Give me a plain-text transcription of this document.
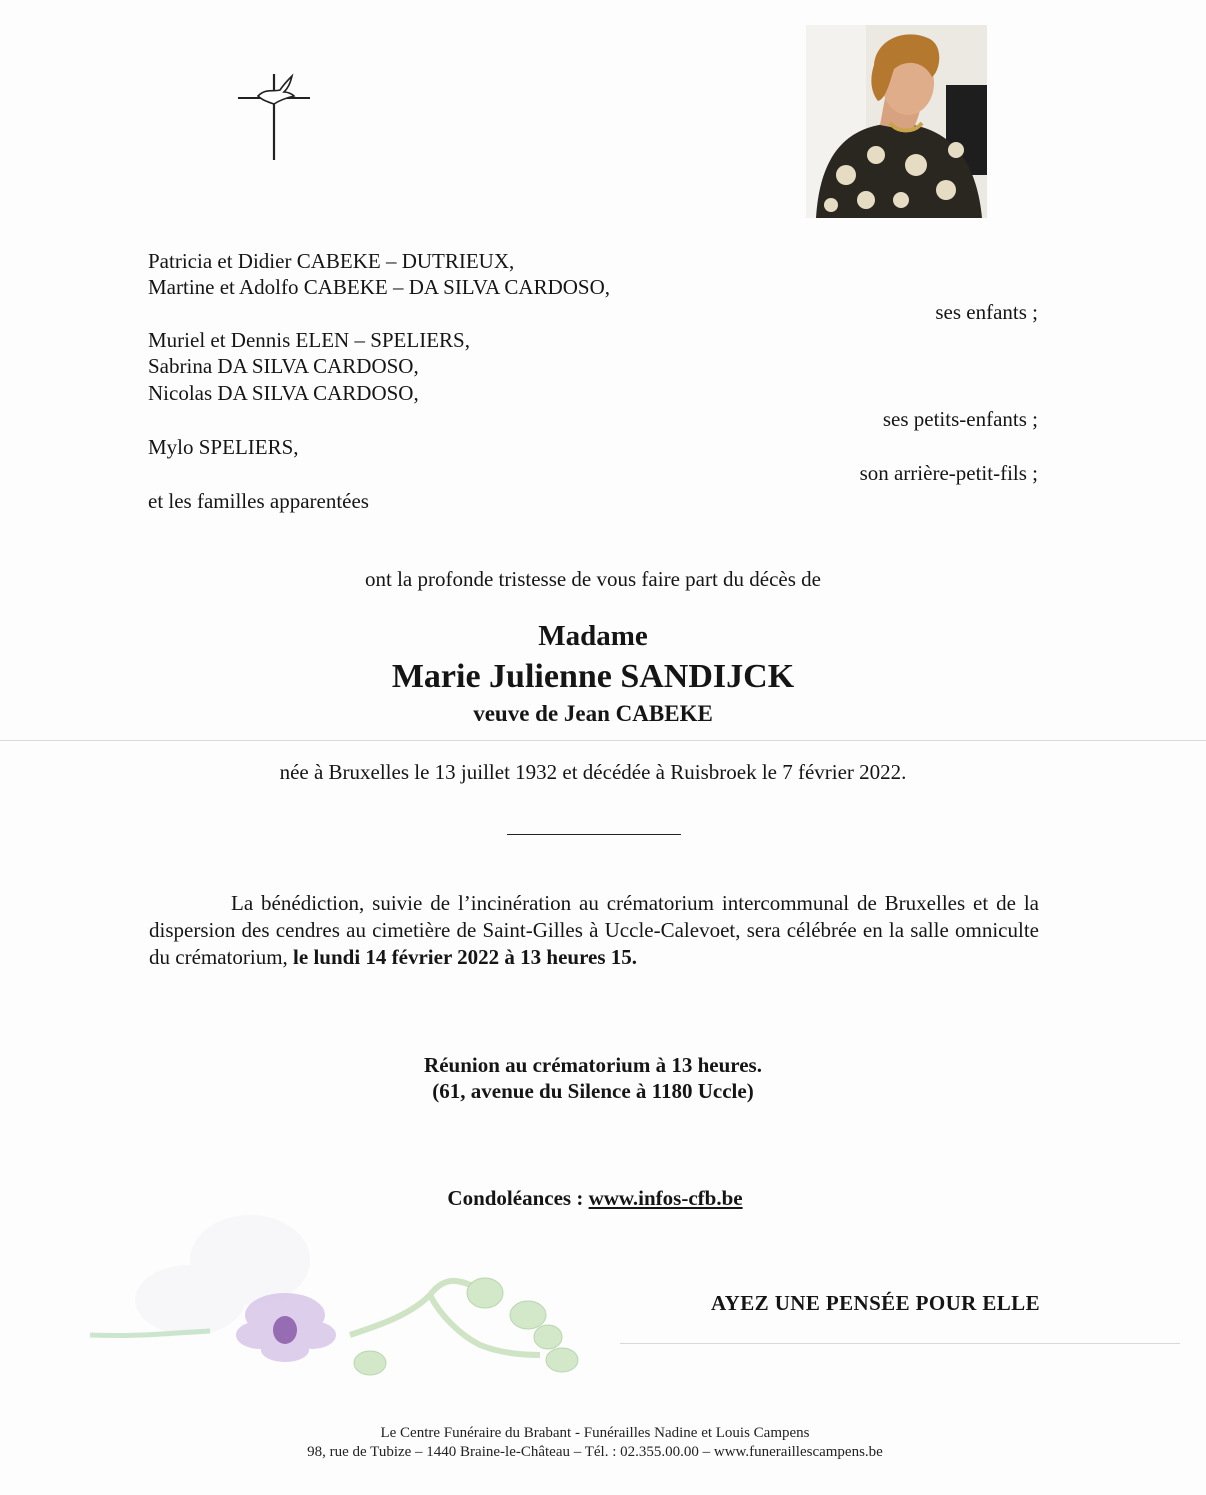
Patricia et Didier CABEKE – DUTRIEUX,
Martine et Adolfo CABEKE – DA SILVA CARDOSO,
ses enfants ;
Muriel et Dennis ELEN – SPELIERS,
Sabrina DA SILVA CARDOSO,
Nicolas DA SILVA CARDOSO,
ses petits-enfants ;
Mylo SPELIERS,
son arrière-petit-fils ;
et les familles apparentées
ont la profonde tristesse de vous faire part du décès de
Madame
Marie Julienne SANDIJCK
veuve de Jean CABEKE
née à Bruxelles le 13 juillet 1932 et décédée à Ruisbroek le 7 février 2022.
La bénédiction, suivie de l’incinération au crématorium intercommunal de Bruxelles et de la dispersion des cendres au cimetière de Saint-Gilles à Uccle-Calevoet, sera célébrée en la salle omniculte du crématorium, le lundi 14 février 2022 à 13 heures 15.
Réunion au crématorium à 13 heures.
(61, avenue du Silence à 1180 Uccle)
Condoléances : www.infos-cfb.be
AYEZ UNE PENSÉE POUR ELLE
Le Centre Funéraire du Brabant - Funérailles Nadine et Louis Campens
98, rue de Tubize – 1440 Braine-le-Château – Tél. : 02.355.00.00 – www.funeraillescampens.be
